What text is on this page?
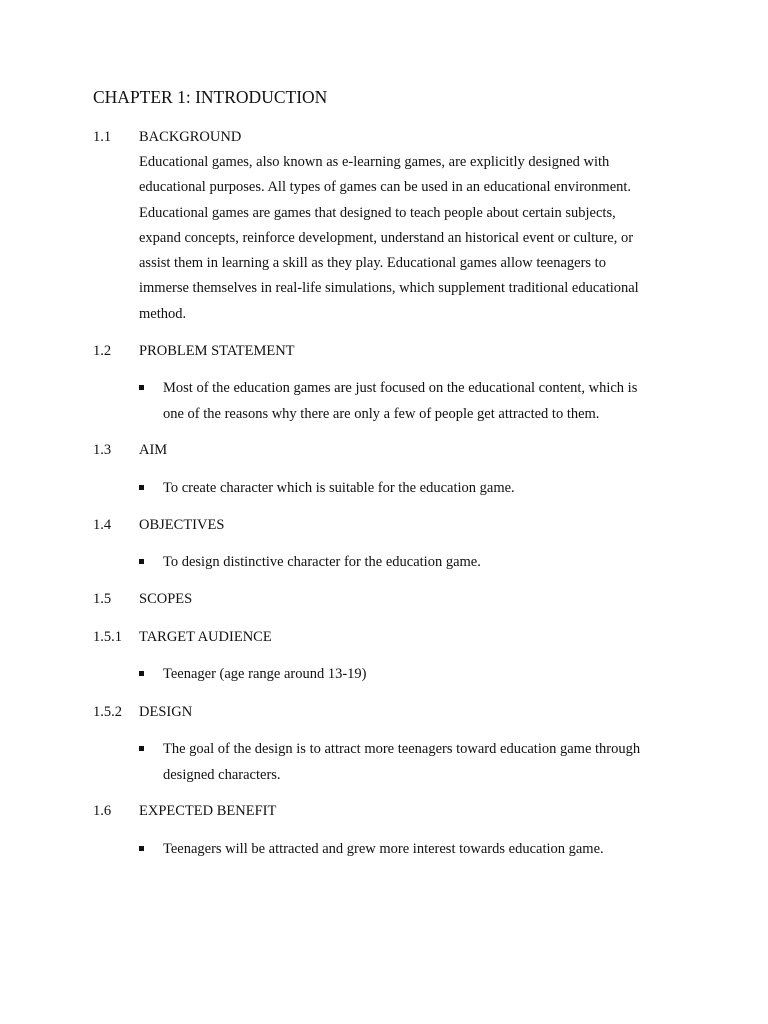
CHAPTER 1: INTRODUCTION
1.1 BACKGROUND
Educational games, also known as e-learning games, are explicitly designed with
educational purposes. All types of games can be used in an educational environment.
Educational games are games that designed to teach people about certain subjects,
expand concepts, reinforce development, understand an historical event or culture, or
assist them in learning a skill as they play. Educational games allow teenagers to
immerse themselves in real-life simulations, which supplement traditional educational
method.
1.2 PROBLEM STATEMENT
Most of the education games are just focused on the educational content, which is
one of the reasons why there are only a few of people get attracted to them.
1.3 AIM
To create character which is suitable for the education game.
1.4 OBJECTIVES
To design distinctive character for the education game.
1.5 SCOPES
1.5.1 TARGET AUDIENCE
Teenager (age range around 13-19)
1.5.2 DESIGN
The goal of the design is to attract more teenagers toward education game through
designed characters.
1.6 EXPECTED BENEFIT
Teenagers will be attracted and grew more interest towards education game.
